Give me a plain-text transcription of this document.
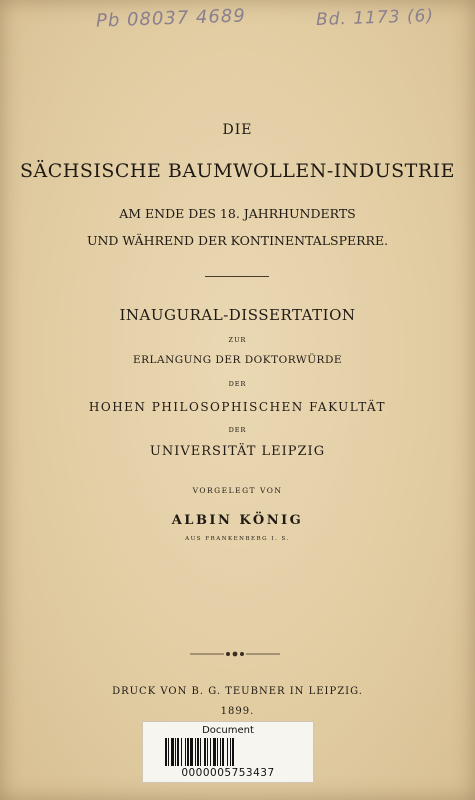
Pb 08037 4689	Bd. 1173 (6)
DIE
SÄCHSISCHE BAUMWOLLEN-INDUSTRIE
AM ENDE DES 18. JAHRHUNDERTS
UND WÄHREND DER KONTINENTALSPERRE.
INAUGURAL-DISSERTATION
ZUR
ERLANGUNG DER DOKTORWÜRDE
DER
HOHEN PHILOSOPHISCHEN FAKULTÄT
DER
UNIVERSITÄT LEIPZIG
VORGELEGT VON
ALBIN KÖNIG
AUS FRANKENBERG I. S.
DRUCK VON B. G. TEUBNER IN LEIPZIG.
1899.
Document
0000005753437
